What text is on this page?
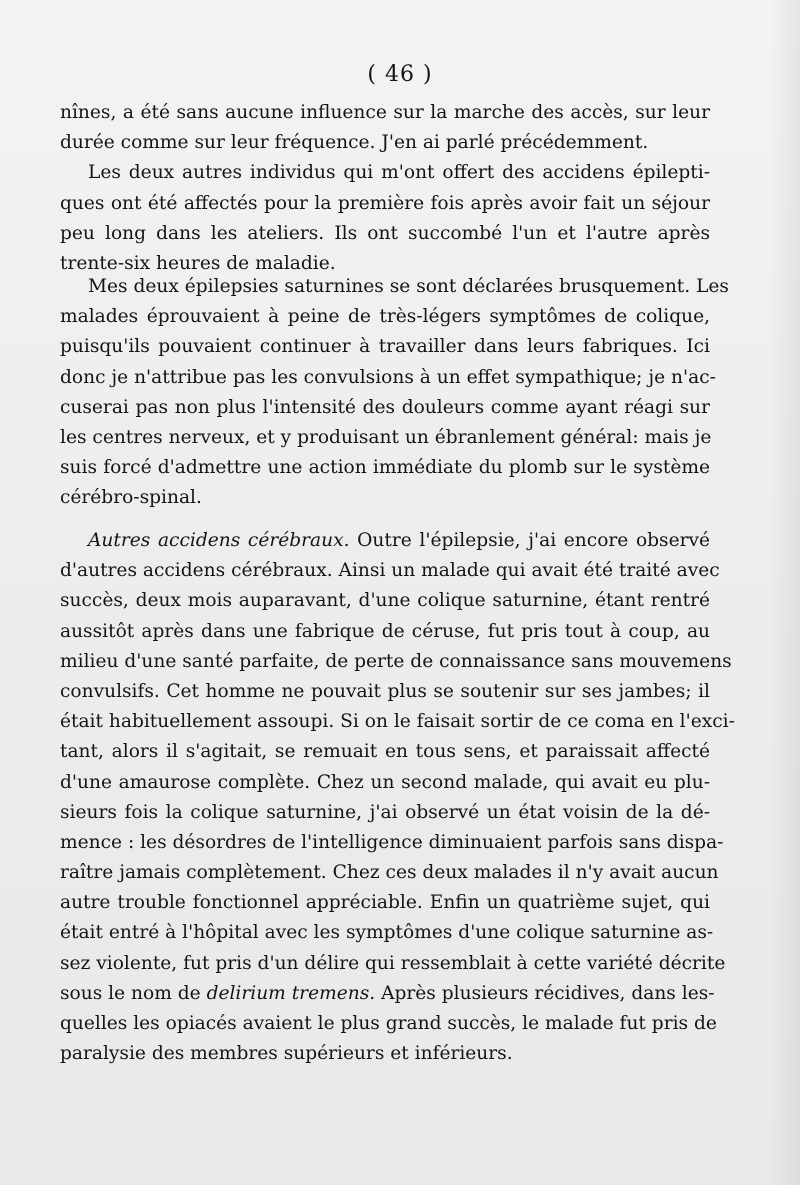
( 46 )
nînes, a été sans aucune influence sur la marche des accès, sur leur
durée comme sur leur fréquence. J'en ai parlé précédemment.
Les deux autres individus qui m'ont offert des accidens épilepti-
ques ont été affectés pour la première fois après avoir fait un séjour
peu long dans les ateliers. Ils ont succombé l'un et l'autre après
trente-six heures de maladie.
Mes deux épilepsies saturnines se sont déclarées brusquement. Les
malades éprouvaient à peine de très-légers symptômes de colique,
puisqu'ils pouvaient continuer à travailler dans leurs fabriques. Ici
donc je n'attribue pas les convulsions à un effet sympathique; je n'ac-
cuserai pas non plus l'intensité des douleurs comme ayant réagi sur
les centres nerveux, et y produisant un ébranlement général: mais je
suis forcé d'admettre une action immédiate du plomb sur le système
cérébro-spinal.
Autres accidens cérébraux. Outre l'épilepsie, j'ai encore observé
d'autres accidens cérébraux. Ainsi un malade qui avait été traité avec
succès, deux mois auparavant, d'une colique saturnine, étant rentré
aussitôt après dans une fabrique de céruse, fut pris tout à coup, au
milieu d'une santé parfaite, de perte de connaissance sans mouvemens
convulsifs. Cet homme ne pouvait plus se soutenir sur ses jambes; il
était habituellement assoupi. Si on le faisait sortir de ce coma en l'exci-
tant, alors il s'agitait, se remuait en tous sens, et paraissait affecté
d'une amaurose complète. Chez un second malade, qui avait eu plu-
sieurs fois la colique saturnine, j'ai observé un état voisin de la dé-
mence : les désordres de l'intelligence diminuaient parfois sans dispa-
raître jamais complètement. Chez ces deux malades il n'y avait aucun
autre trouble fonctionnel appréciable. Enfin un quatrième sujet, qui
était entré à l'hôpital avec les symptômes d'une colique saturnine as-
sez violente, fut pris d'un délire qui ressemblait à cette variété décrite
sous le nom de delirium tremens. Après plusieurs récidives, dans les-
quelles les opiacés avaient le plus grand succès, le malade fut pris de
paralysie des membres supérieurs et inférieurs.
